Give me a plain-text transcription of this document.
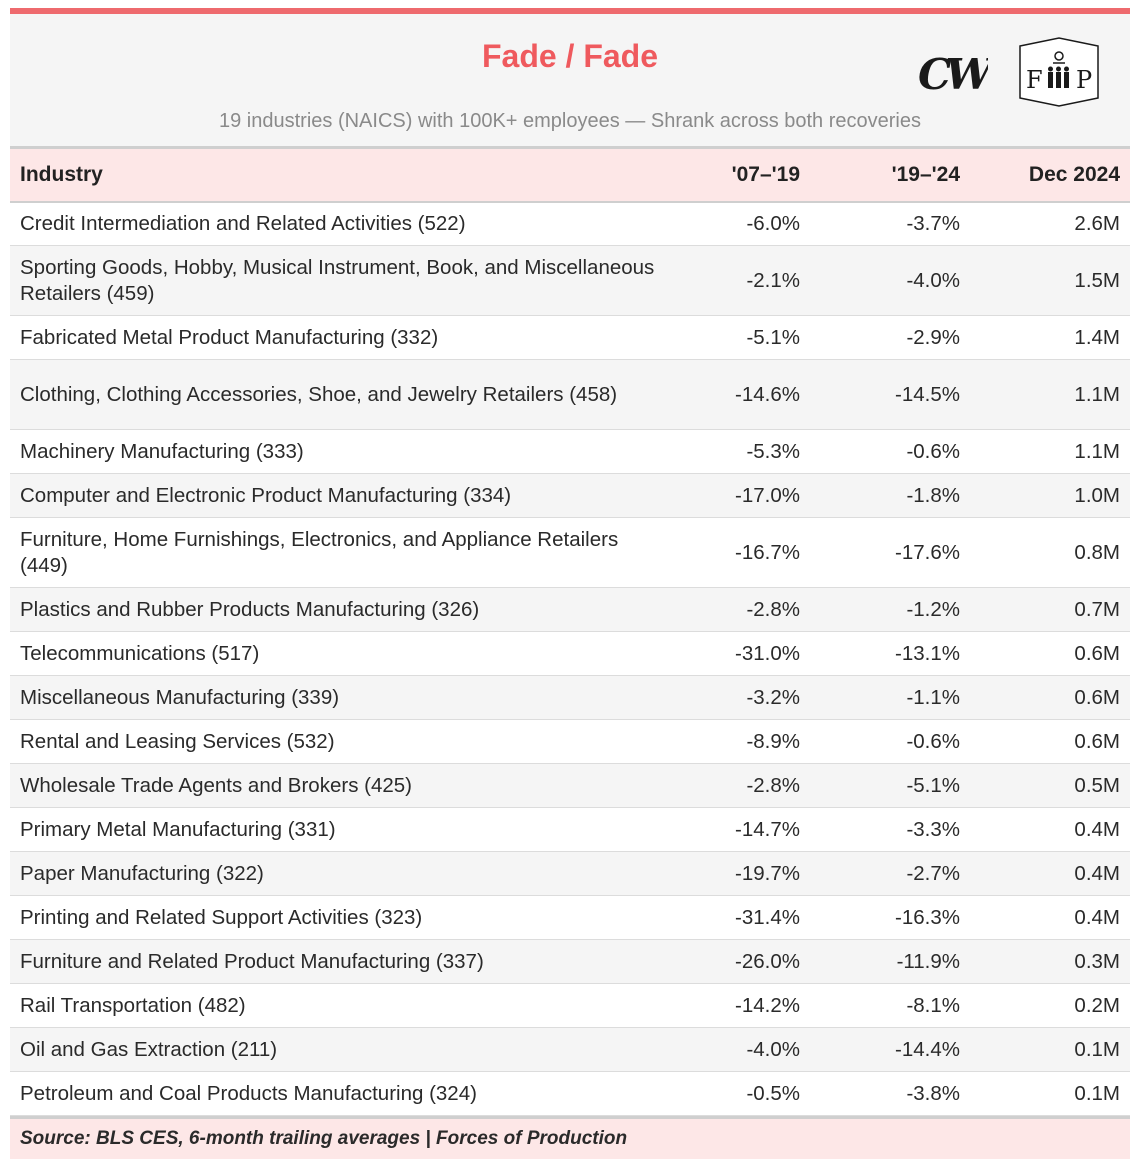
Fade / Fade

19 industries (NAICS) with 100K+ employees — Shrank across both recoveries

CW	F P
Industry	'07–'19	'19–'24	Dec 2024
Credit Intermediation and Related Activities (522)	-6.0%	-3.7%	2.6M
Sporting Goods, Hobby, Musical Instrument, Book, and Miscellaneous Retailers (459)	-2.1%	-4.0%	1.5M
Fabricated Metal Product Manufacturing (332)	-5.1%	-2.9%	1.4M
Clothing, Clothing Accessories, Shoe, and Jewelry Retailers (458)	-14.6%	-14.5%	1.1M
Machinery Manufacturing (333)	-5.3%	-0.6%	1.1M
Computer and Electronic Product Manufacturing (334)	-17.0%	-1.8%	1.0M
Furniture, Home Furnishings, Electronics, and Appliance Retailers (449)	-16.7%	-17.6%	0.8M
Plastics and Rubber Products Manufacturing (326)	-2.8%	-1.2%	0.7M
Telecommunications (517)	-31.0%	-13.1%	0.6M
Miscellaneous Manufacturing (339)	-3.2%	-1.1%	0.6M
Rental and Leasing Services (532)	-8.9%	-0.6%	0.6M
Wholesale Trade Agents and Brokers (425)	-2.8%	-5.1%	0.5M
Primary Metal Manufacturing (331)	-14.7%	-3.3%	0.4M
Paper Manufacturing (322)	-19.7%	-2.7%	0.4M
Printing and Related Support Activities (323)	-31.4%	-16.3%	0.4M
Furniture and Related Product Manufacturing (337)	-26.0%	-11.9%	0.3M
Rail Transportation (482)	-14.2%	-8.1%	0.2M
Oil and Gas Extraction (211)	-4.0%	-14.4%	0.1M
Petroleum and Coal Products Manufacturing (324)	-0.5%	-3.8%	0.1M
Source: BLS CES, 6-month trailing averages | Forces of Production
